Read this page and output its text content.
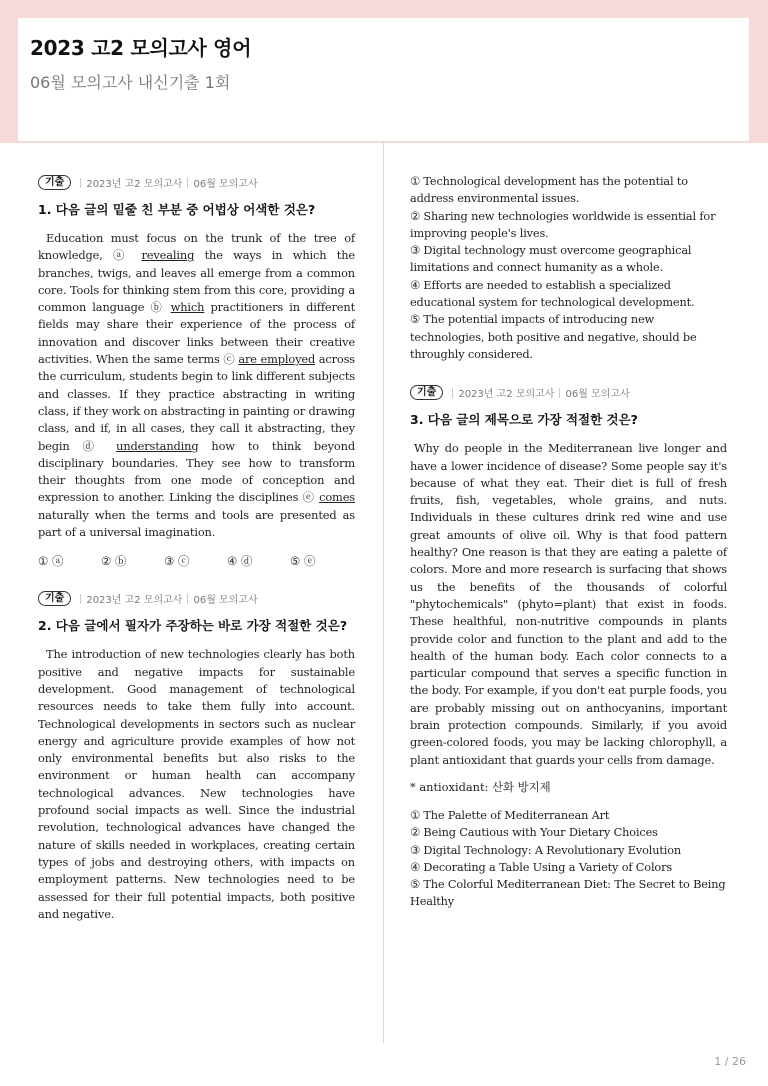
2023 고2 모의고사 영어
06월 모의고사 내신기출 1회
기출	2023년 고2 모의고사 06월 모의고사
1. 다음 글의 밑줄 친 부분 중 어법상 어색한 것은?
Education must focus on the trunk of the tree of knowledge, ⓐ revealing the ways in which the branches, twigs, and leaves all emerge from a common core. Tools for thinking stem from this core, providing a common language ⓑ which practitioners in different fields may share their experience of the process of innovation and discover links between their creative activities. When the same terms ⓒ are employed across the curriculum, students begin to link different subjects and classes. If they practice abstracting in writing class, if they work on abstracting in painting or drawing class, and if, in all cases, they call it abstracting, they begin ⓓ understanding how to think beyond disciplinary boundaries. They see how to transform their thoughts from one mode of conception and expression to another. Linking the disciplines ⓔ comes naturally when the terms and tools are presented as part of a universal imagination.
① ⓐ	② ⓑ	③ ⓒ	④ ⓓ	⑤ ⓔ
기출	2023년 고2 모의고사 06월 모의고사
2. 다음 글에서 필자가 주장하는 바로 가장 적절한 것은?
The introduction of new technologies clearly has both positive and negative impacts for sustainable development. Good management of technological resources needs to take them fully into account. Technological developments in sectors such as nuclear energy and agriculture provide examples of how not only environmental benefits but also risks to the environment or human health can accompany technological advances. New technologies have profound social impacts as well. Since the industrial revolution, technological advances have changed the nature of skills needed in workplaces, creating certain types of jobs and destroying others, with impacts on employment patterns. New technologies need to be assessed for their full potential impacts, both positive and negative.
① Technological development has the potential to address environmental issues.
② Sharing new technologies worldwide is essential for improving people's lives.
③ Digital technology must overcome geographical limitations and connect humanity as a whole.
④ Efforts are needed to establish a specialized educational system for technological development.
⑤ The potential impacts of introducing new technologies, both positive and negative, should be throughly considered.
기출	2023년 고2 모의고사 06월 모의고사
3. 다음 글의 제목으로 가장 적절한 것은?
Why do people in the Mediterranean live longer and have a lower incidence of disease? Some people say it's because of what they eat. Their diet is full of fresh fruits, fish, vegetables, whole grains, and nuts. Individuals in these cultures drink red wine and use great amounts of olive oil. Why is that food pattern healthy? One reason is that they are eating a palette of colors. More and more research is surfacing that shows us the benefits of the thousands of colorful "phytochemicals" (phyto=plant) that exist in foods. These healthful, non-nutritive compounds in plants provide color and function to the plant and add to the health of the human body. Each color connects to a particular compound that serves a specific function in the body. For example, if you don't eat purple foods, you are probably missing out on anthocyanins, important brain protection compounds. Similarly, if you avoid green-colored foods, you may be lacking chlorophyll, a plant antioxidant that guards your cells from damage.
* antioxidant: 산화 방지제
① The Palette of Mediterranean Art
② Being Cautious with Your Dietary Choices
③ Digital Technology: A Revolutionary Evolution
④ Decorating a Table Using a Variety of Colors
⑤ The Colorful Mediterranean Diet: The Secret to Being Healthy
1 / 26
